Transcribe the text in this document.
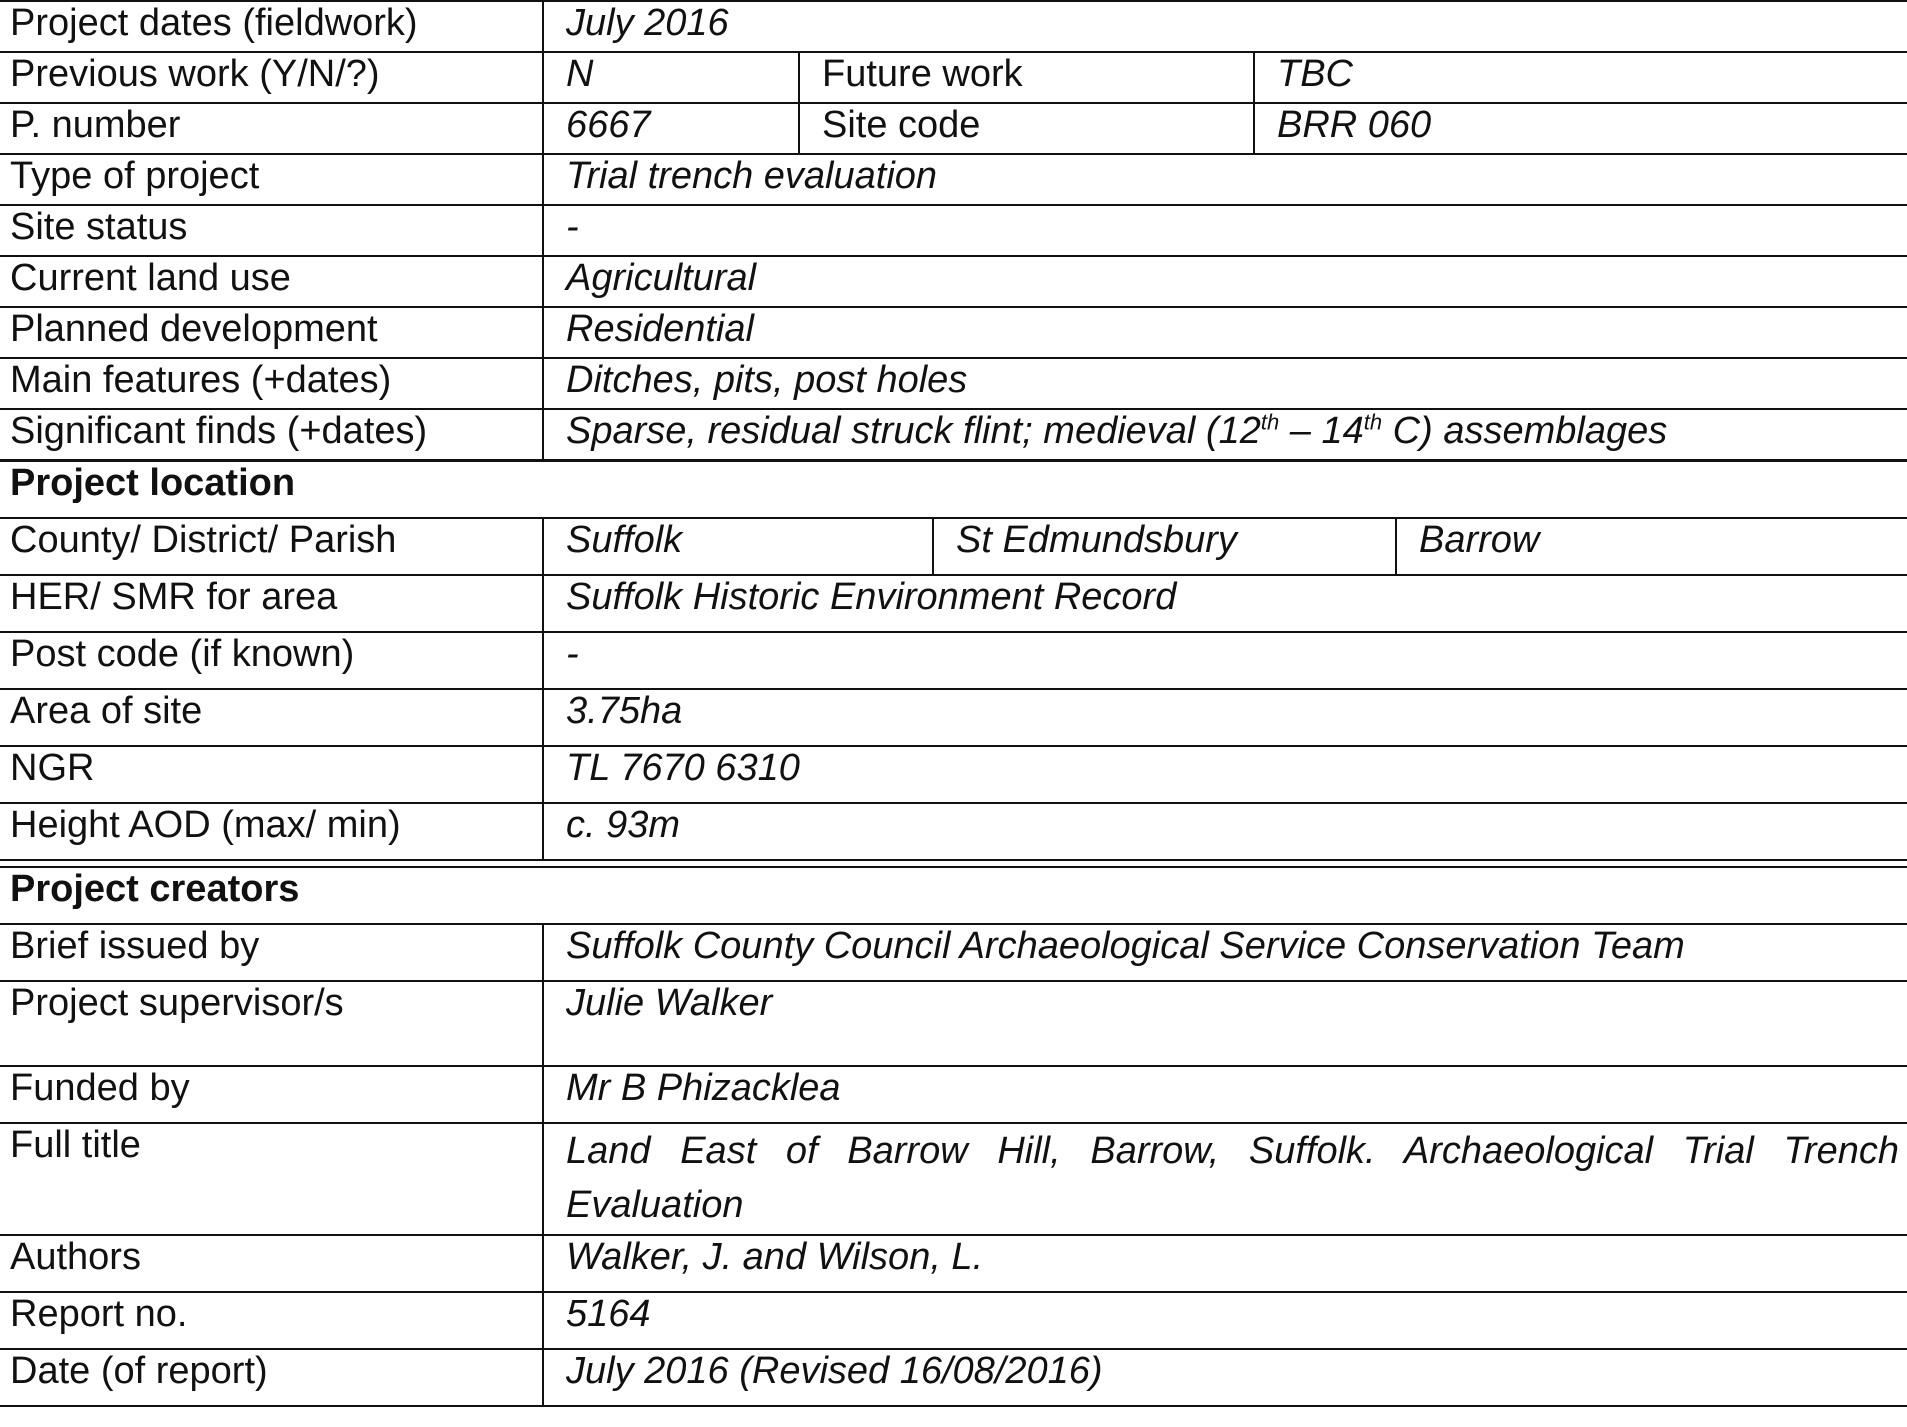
Project dates (fieldwork)	July 2016		
Previous work (Y/N/?)	N	Future work	TBC
P. number	6667	Site code	BRR 060
Type of project	Trial trench evaluation		
Site status	-		
Current land use	Agricultural		
Planned development	Residential		
Main features (+dates)	Ditches, pits, post holes		
Significant finds (+dates)	Sparse, residual struck flint; medieval (12th – 14th C) assemblages		
Project location			
County/ District/ Parish	Suffolk	St Edmundsbury	Barrow
HER/ SMR for area	Suffolk Historic Environment Record		
Post code (if known)	-		
Area of site	3.75ha		
NGR	TL 7670 6310		
Height AOD (max/ min)	c. 93m		
Project creators	
Brief issued by	Suffolk County Council Archaeological Service Conservation Team
Project supervisor/s	Julie Walker
Funded by	Mr B Phizacklea
Full title	Land East of Barrow Hill, Barrow, Suffolk. Archaeological Trial Trench Evaluation
Authors	Walker, J. and Wilson, L.
Report no.	5164
Date (of report)	July 2016 (Revised 16/08/2016)
